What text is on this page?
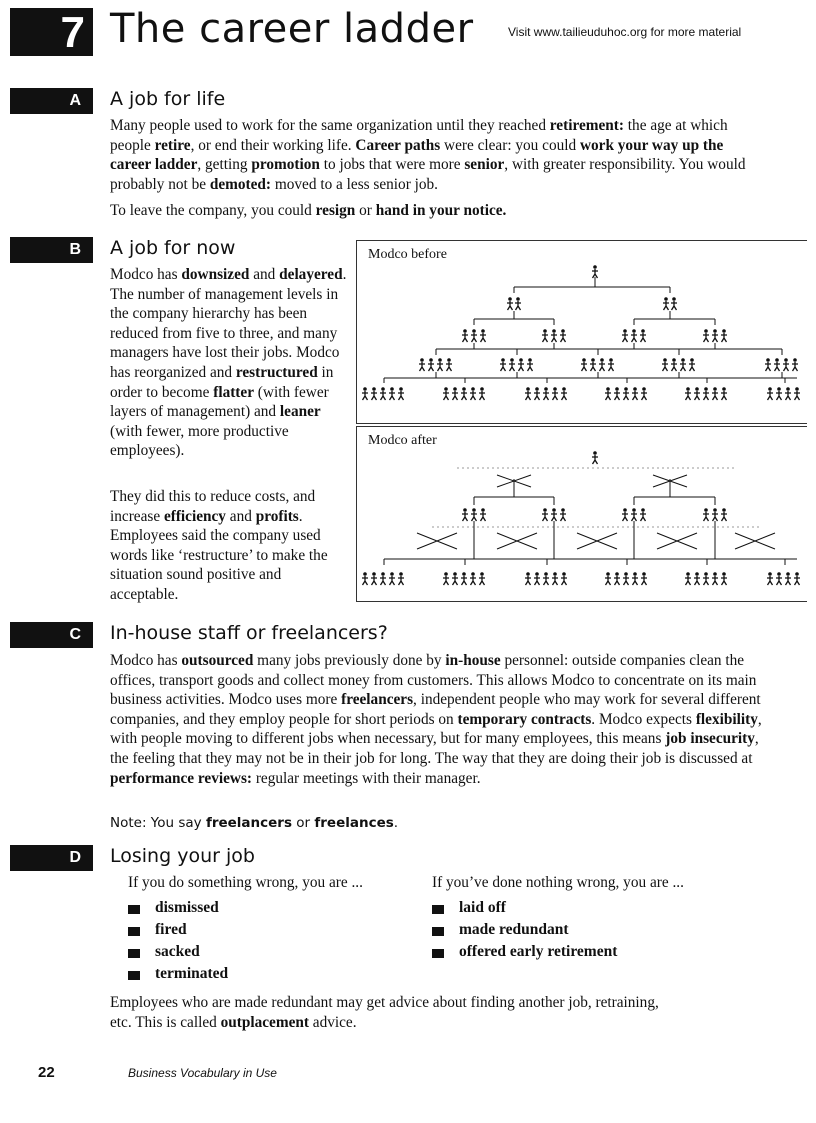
7 The career ladder	Visit www.tailieuduhoc.org for more material
A	A job for life

Many people used to work for the same organization until they reached retirement: the age at which people retire, or end their working life. Career paths were clear: you could work your way up the career ladder, getting promotion to jobs that were more senior, with greater responsibility. You would probably not be demoted: moved to a less senior job.

To leave the company, you could resign or hand in your notice.

B	A job for now

Modco has downsized and delayered. The number of management levels in the company hierarchy has been reduced from five to three, and many managers have lost their jobs. Modco has reorganized and restructured in order to become flatter (with fewer layers of management) and leaner (with fewer, more productive employees).

They did this to reduce costs, and increase efficiency and profits. Employees said the company used words like ‘restructure’ to make the situation sound positive and acceptable.

Modco before
Modco after
C	In-house staff or freelancers?

Modco has outsourced many jobs previously done by in-house personnel: outside companies clean the offices, transport goods and collect money from customers. This allows Modco to concentrate on its main business activities. Modco uses more freelancers, independent people who may work for several different companies, and they employ people for short periods on temporary contracts. Modco expects flexibility, with people moving to different jobs when necessary, but for many employees, this means job insecurity, the feeling that they may not be in their job for long. The way that they are doing their job is discussed at performance reviews: regular meetings with their manager.

Note: You say freelancers or freelances.
D	Losing your job
If you do something wrong, you are ...	If you’ve done nothing wrong, you are ...
dismissed
fired
sacked
terminated
laid off
made redundant
offered early retirement

Employees who are made redundant may get advice about finding another job, retraining, etc. This is called outplacement advice.

22	Business Vocabulary in Use
